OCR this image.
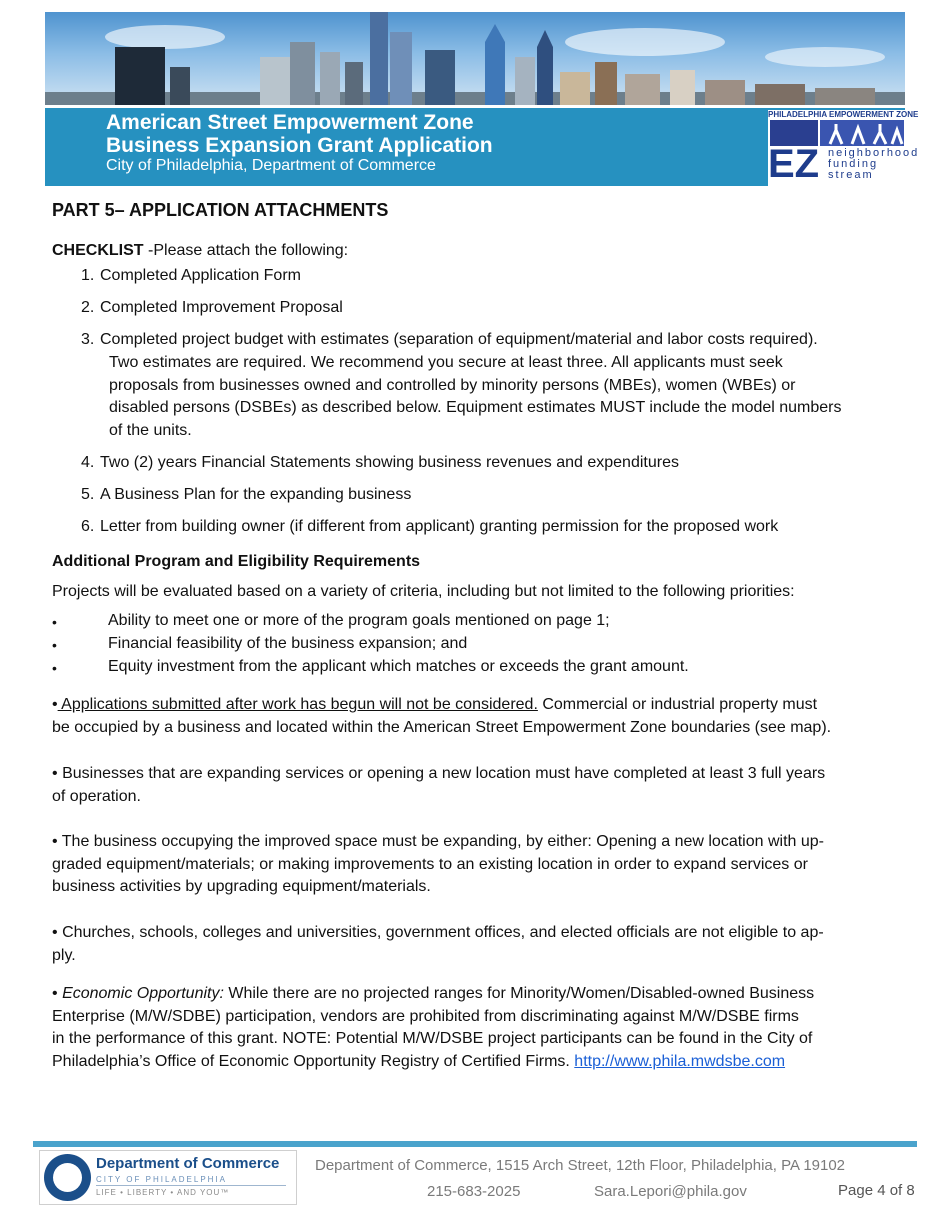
American Street Empowerment Zone
Business Expansion Grant Application
City of Philadelphia, Department of Commerce
PHILADELPHIA EMPOWERMENT ZONE
EZ neighborhood
funding
stream
PART 5– APPLICATION ATTACHMENTS
CHECKLIST -Please attach the following:
1. Completed Application Form
2. Completed Improvement Proposal
3. Completed project budget with estimates (separation of equipment/material and labor costs required).
Two estimates are required. We recommend you secure at least three. All applicants must seek
proposals from businesses owned and controlled by minority persons (MBEs), women (WBEs) or
disabled persons (DSBEs) as described below. Equipment estimates MUST include the model numbers
of the units.
4. Two (2) years Financial Statements showing business revenues and expenditures
5. A Business Plan for the expanding business
6. Letter from building owner (if different from applicant) granting permission for the proposed work
Additional Program and Eligibility Requirements
Projects will be evaluated based on a variety of criteria, including but not limited to the following priorities:
•	Ability to meet one or more of the program goals mentioned on page 1;
•	Financial feasibility of the business expansion; and
•	Equity investment from the applicant which matches or exceeds the grant amount.
• Applications submitted after work has begun will not be considered. Commercial or industrial property must
be occupied by a business and located within the American Street Empowerment Zone boundaries (see map).
• Businesses that are expanding services or opening a new location must have completed at least 3 full years
of operation.
• The business occupying the improved space must be expanding, by either: Opening a new location with up-
graded equipment/materials; or making improvements to an existing location in order to expand services or
business activities by upgrading equipment/materials.
• Churches, schools, colleges and universities, government offices, and elected officials are not eligible to ap-
ply.
• Economic Opportunity: While there are no projected ranges for Minority/Women/Disabled-owned Business
Enterprise (M/W/SDBE) participation, vendors are prohibited from discriminating against M/W/DSBE firms
in the performance of this grant. NOTE: Potential M/W/DSBE project participants can be found in the City of
Philadelphia’s Office of Economic Opportunity Registry of Certified Firms. http://www.phila.mwdsbe.com
Department of Commerce
CITY OF PHILADELPHIA
LIFE • LIBERTY • AND YOU™
Department of Commerce, 1515 Arch Street, 12th Floor, Philadelphia, PA 19102
215-683-2025	Sara.Lepori@phila.gov	Page 4 of 8
